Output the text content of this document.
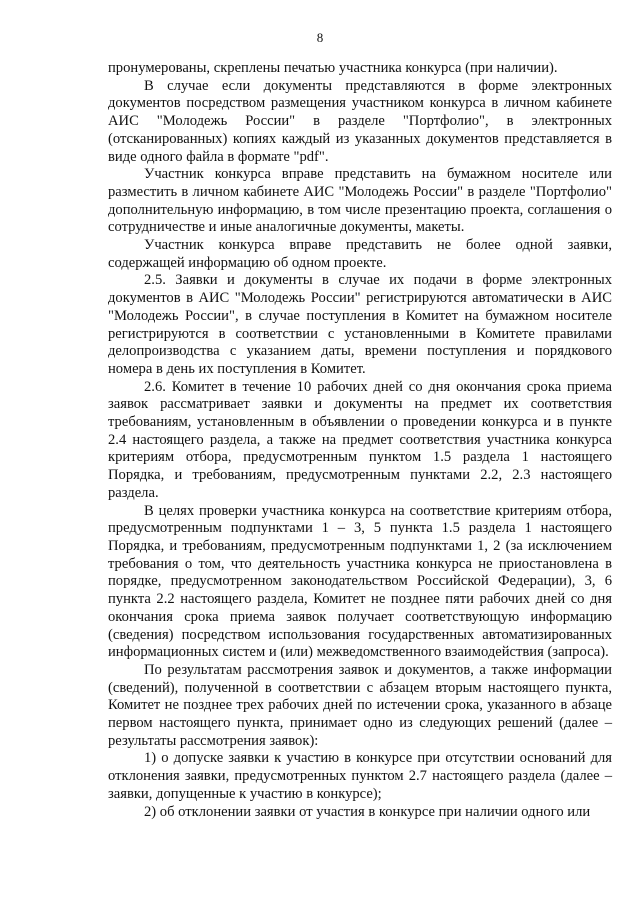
8

пронумерованы, скреплены печатью участника конкурса (при наличии).

В случае если документы представляются в форме электронных документов посредством размещения участником конкурса в личном кабинете АИС "Молодежь России" в разделе "Портфолио", в электронных (отсканированных) копиях каждый из указанных документов представляется в виде одного файла в формате "pdf".

Участник конкурса вправе представить на бумажном носителе или разместить в личном кабинете АИС "Молодежь России" в разделе "Портфолио" дополнительную информацию, в том числе презентацию проекта, соглашения о сотрудничестве и иные аналогичные документы, макеты.

Участник конкурса вправе представить не более одной заявки, содержащей информацию об одном проекте.

2.5. Заявки и документы в случае их подачи в форме электронных документов в АИС "Молодежь России" регистрируются автоматически в АИС "Молодежь России", в случае поступления в Комитет на бумажном носителе регистрируются в соответствии с установленными в Комитете правилами делопроизводства с указанием даты, времени поступления и порядкового номера в день их поступления в Комитет.

2.6. Комитет в течение 10 рабочих дней со дня окончания срока приема заявок рассматривает заявки и документы на предмет их соответствия требованиям, установленным в объявлении о проведении конкурса и в пункте 2.4 настоящего раздела, а также на предмет соответствия участника конкурса критериям отбора, предусмотренным пунктом 1.5 раздела 1 настоящего Порядка, и требованиям, предусмотренным пунктами 2.2, 2.3 настоящего раздела.

В целях проверки участника конкурса на соответствие критериям отбора, предусмотренным подпунктами 1 – 3, 5 пункта 1.5 раздела 1 настоящего Порядка, и требованиям, предусмотренным подпунктами 1, 2 (за исключением требования о том, что деятельность участника конкурса не приостановлена в порядке, предусмотренном законодательством Российской Федерации), 3, 6 пункта 2.2 настоящего раздела, Комитет не позднее пяти рабочих дней со дня окончания срока приема заявок получает соответствующую информацию (сведения) посредством использования государственных автоматизированных информационных систем и (или) межведомственного взаимодействия (запроса).

По результатам рассмотрения заявок и документов, а также информации (сведений), полученной в соответствии с абзацем вторым настоящего пункта, Комитет не позднее трех рабочих дней по истечении срока, указанного в абзаце первом настоящего пункта, принимает одно из следующих решений (далее – результаты рассмотрения заявок):

1) о допуске заявки к участию в конкурсе при отсутствии оснований для отклонения заявки, предусмотренных пунктом 2.7 настоящего раздела (далее – заявки, допущенные к участию в конкурсе);

2) об отклонении заявки от участия в конкурсе при наличии одного или
